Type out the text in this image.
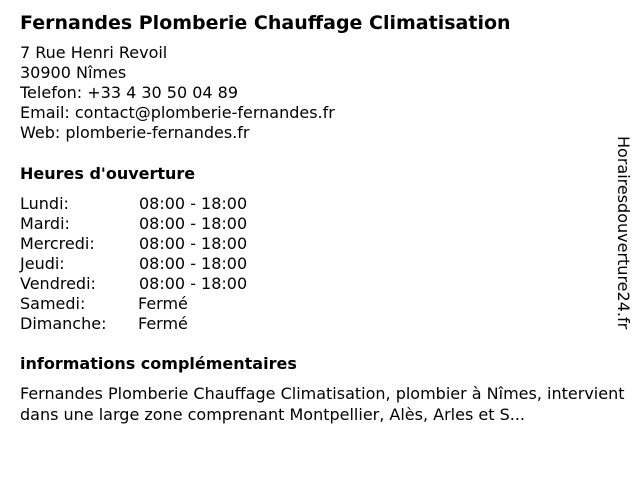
Fernandes Plomberie Chauffage Climatisation
7 Rue Henri Revoil
30900 Nîmes
Telefon: +33 4 30 50 04 89
Email: contact@plomberie-fernandes.fr
Web: plomberie-fernandes.fr
Heures d'ouverture
Lundi:	08:00 - 18:00
Mardi:	08:00 - 18:00
Mercredi:	08:00 - 18:00
Jeudi:	08:00 - 18:00
Vendredi:	08:00 - 18:00
Samedi:	Fermé
Dimanche:	Fermé
informations complémentaires
Fernandes Plomberie Chauffage Climatisation, plombier à Nîmes, intervient dans une large zone comprenant Montpellier, Alès, Arles et S...
Horairesdouverture24.fr
